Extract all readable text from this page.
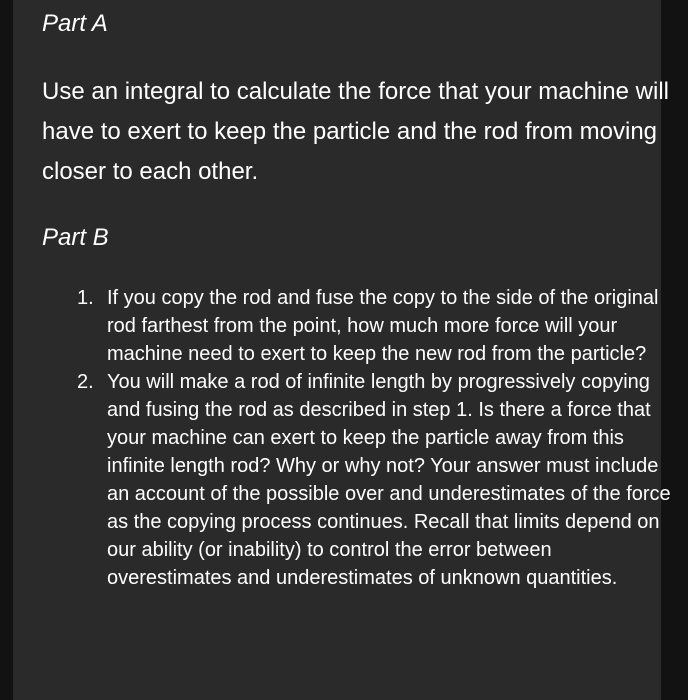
Part A

Use an integral to calculate the force that your machine will have to exert to keep the particle and the rod from moving closer to each other.

Part B
1. If you copy the rod and fuse the copy to the side of the original rod farthest from the point, how much more force will your machine need to exert to keep the new rod from the particle?
2. You will make a rod of infinite length by progressively copying and fusing the rod as described in step 1. Is there a force that your machine can exert to keep the particle away from this infinite length rod? Why or why not? Your answer must include an account of the possible over and underestimates of the force as the copying process continues. Recall that limits depend on our ability (or inability) to control the error between overestimates and underestimates of unknown quantities.
